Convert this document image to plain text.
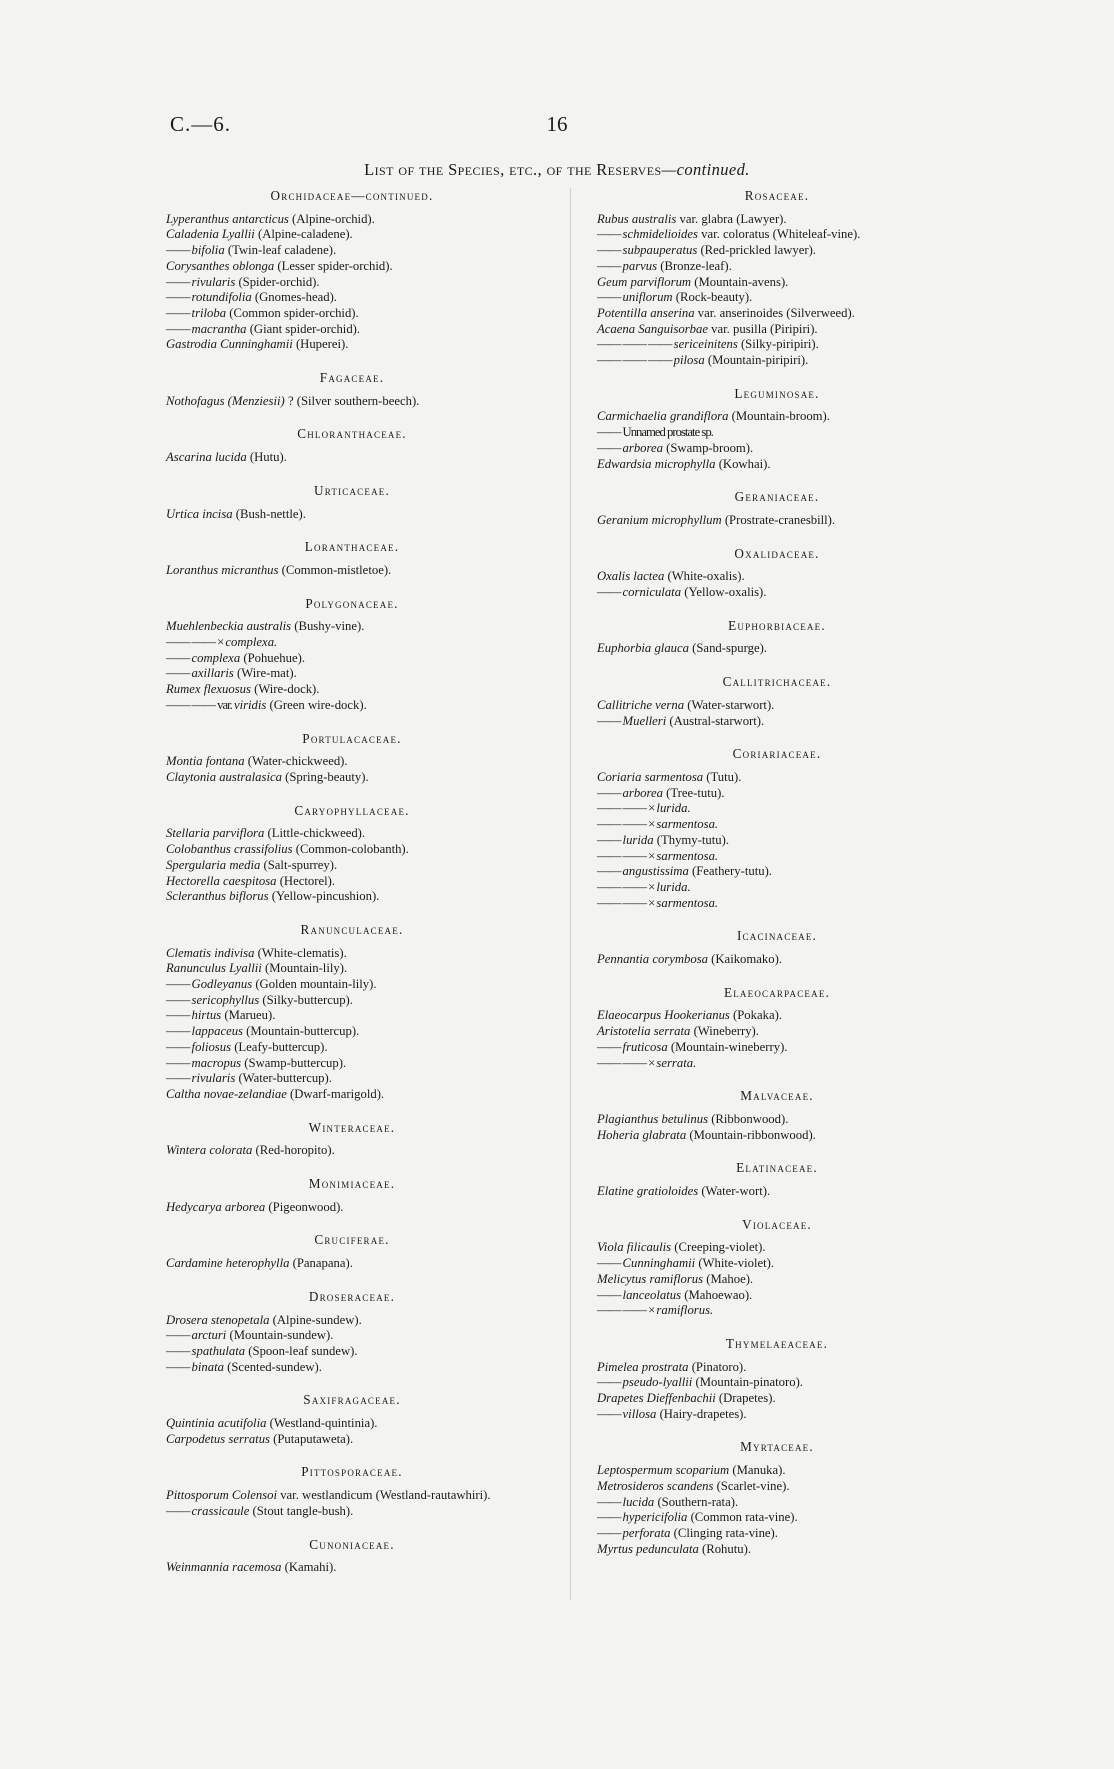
C.—6.	16
List of the Species, etc., of the Reserves—continued.
Orchidaceae—continued.
Lyperanthus antarcticus (Alpine-orchid).
Caladenia Lyallii (Alpine-caladene).
—— bifolia (Twin-leaf caladene).
Corysanthes oblonga (Lesser spider-orchid).
—— rivularis (Spider-orchid).
—— rotundifolia (Gnomes-head).
—— triloba (Common spider-orchid).
—— macrantha (Giant spider-orchid).
Gastrodia Cunninghamii (Huperei).
Fagaceae.
Nothofagus (Menziesii) ? (Silver southern-beech).
Chloranthaceae.
Ascarina lucida (Hutu).
Urticaceae.
Urtica incisa (Bush-nettle).
Loranthaceae.
Loranthus micranthus (Common-mistletoe).
Polygonaceae.
Muehlenbeckia australis (Bushy-vine).
—— —— × complexa.
—— complexa (Pohuehue).
—— axillaris (Wire-mat).
Rumex flexuosus (Wire-dock).
—— —— var. viridis (Green wire-dock).
Portulacaceae.
Montia fontana (Water-chickweed).
Claytonia australasica (Spring-beauty).
Caryophyllaceae.
Stellaria parviflora (Little-chickweed).
Colobanthus crassifolius (Common-colobanth).
Spergularia media (Salt-spurrey).
Hectorella caespitosa (Hectorel).
Scleranthus biflorus (Yellow-pincushion).
Ranunculaceae.
Clematis indivisa (White-clematis).
Ranunculus Lyallii (Mountain-lily).
—— Godleyanus (Golden mountain-lily).
—— sericophyllus (Silky-buttercup).
—— hirtus (Marueu).
—— lappaceus (Mountain-buttercup).
—— foliosus (Leafy-buttercup).
—— macropus (Swamp-buttercup).
—— rivularis (Water-buttercup).
Caltha novae-zelandiae (Dwarf-marigold).
Winteraceae.
Wintera colorata (Red-horopito).
Monimiaceae.
Hedycarya arborea (Pigeonwood).
Cruciferae.
Cardamine heterophylla (Panapana).
Droseraceae.
Drosera stenopetala (Alpine-sundew).
—— arcturi (Mountain-sundew).
—— spathulata (Spoon-leaf sundew).
—— binata (Scented-sundew).
Saxifragaceae.
Quintinia acutifolia (Westland-quintinia).
Carpodetus serratus (Putaputaweta).
Pittosporaceae.
Pittosporum Colensoi var. westlandicum (Westland-rautawhiri).
—— crassicaule (Stout tangle-bush).
Cunoniaceae.
Weinmannia racemosa (Kamahi).
Rosaceae.
Rubus australis var. glabra (Lawyer).
—— schmidelioides var. coloratus (Whiteleaf-vine).
—— subpauperatus (Red-prickled lawyer).
—— parvus (Bronze-leaf).
Geum parviflorum (Mountain-avens).
—— uniflorum (Rock-beauty).
Potentilla anserina var. anserinoides (Silverweed).
Acaena Sanguisorbae var. pusilla (Piripiri).
—— —— —— sericeinitens (Silky-piripiri).
—— —— —— pilosa (Mountain-piripiri).
Leguminosae.
Carmichaelia grandiflora (Mountain-broom).
—— Unnamed prostate sp.
—— arborea (Swamp-broom).
Edwardsia microphylla (Kowhai).
Geraniaceae.
Geranium microphyllum (Prostrate-cranesbill).
Oxalidaceae.
Oxalis lactea (White-oxalis).
—— corniculata (Yellow-oxalis).
Euphorbiaceae.
Euphorbia glauca (Sand-spurge).
Callitrichaceae.
Callitriche verna (Water-starwort).
—— Muelleri (Austral-starwort).
Coriariaceae.
Coriaria sarmentosa (Tutu).
—— arborea (Tree-tutu).
—— —— × lurida.
—— —— × sarmentosa.
—— lurida (Thymy-tutu).
—— —— × sarmentosa.
—— angustissima (Feathery-tutu).
—— —— × lurida.
—— —— × sarmentosa.
Icacinaceae.
Pennantia corymbosa (Kaikomako).
Elaeocarpaceae.
Elaeocarpus Hookerianus (Pokaka).
Aristotelia serrata (Wineberry).
—— fruticosa (Mountain-wineberry).
—— —— × serrata.
Malvaceae.
Plagianthus betulinus (Ribbonwood).
Hoheria glabrata (Mountain-ribbonwood).
Elatinaceae.
Elatine gratioloides (Water-wort).
Violaceae.
Viola filicaulis (Creeping-violet).
—— Cunninghamii (White-violet).
Melicytus ramiflorus (Mahoe).
—— lanceolatus (Mahoewao).
—— —— × ramiflorus.
Thymelaeaceae.
Pimelea prostrata (Pinatoro).
—— pseudo-lyallii (Mountain-pinatoro).
Drapetes Dieffenbachii (Drapetes).
—— villosa (Hairy-drapetes).
Myrtaceae.
Leptospermum scoparium (Manuka).
Metrosideros scandens (Scarlet-vine).
—— lucida (Southern-rata).
—— hypericifolia (Common rata-vine).
—— perforata (Clinging rata-vine).
Myrtus pedunculata (Rohutu).
